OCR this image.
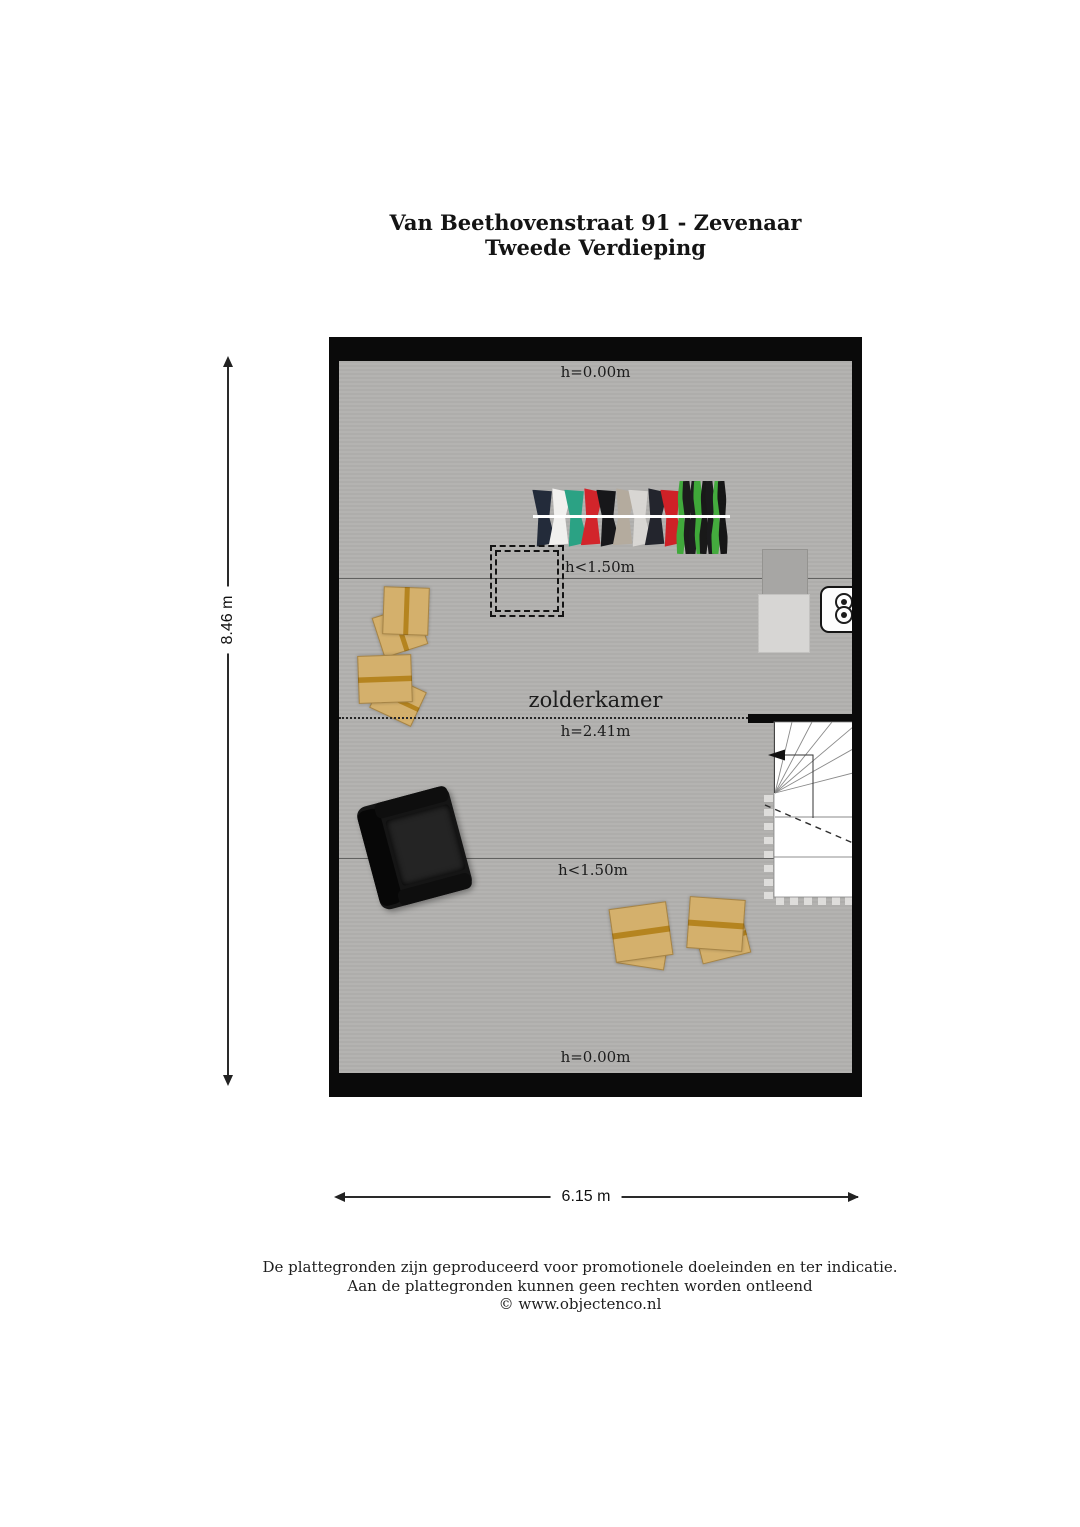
Van Beethovenstraat 91 - Zevenaar
Tweede Verdieping
h=0.00m
h<1.50m
zolderkamer
h=2.41m
h<1.50m
h=0.00m
8.46 m
6.15 m
De plattegronden zijn geproduceerd voor promotionele doeleinden en ter indicatie.
Aan de plattegronden kunnen geen rechten worden ontleend
© www.objectenco.nl
